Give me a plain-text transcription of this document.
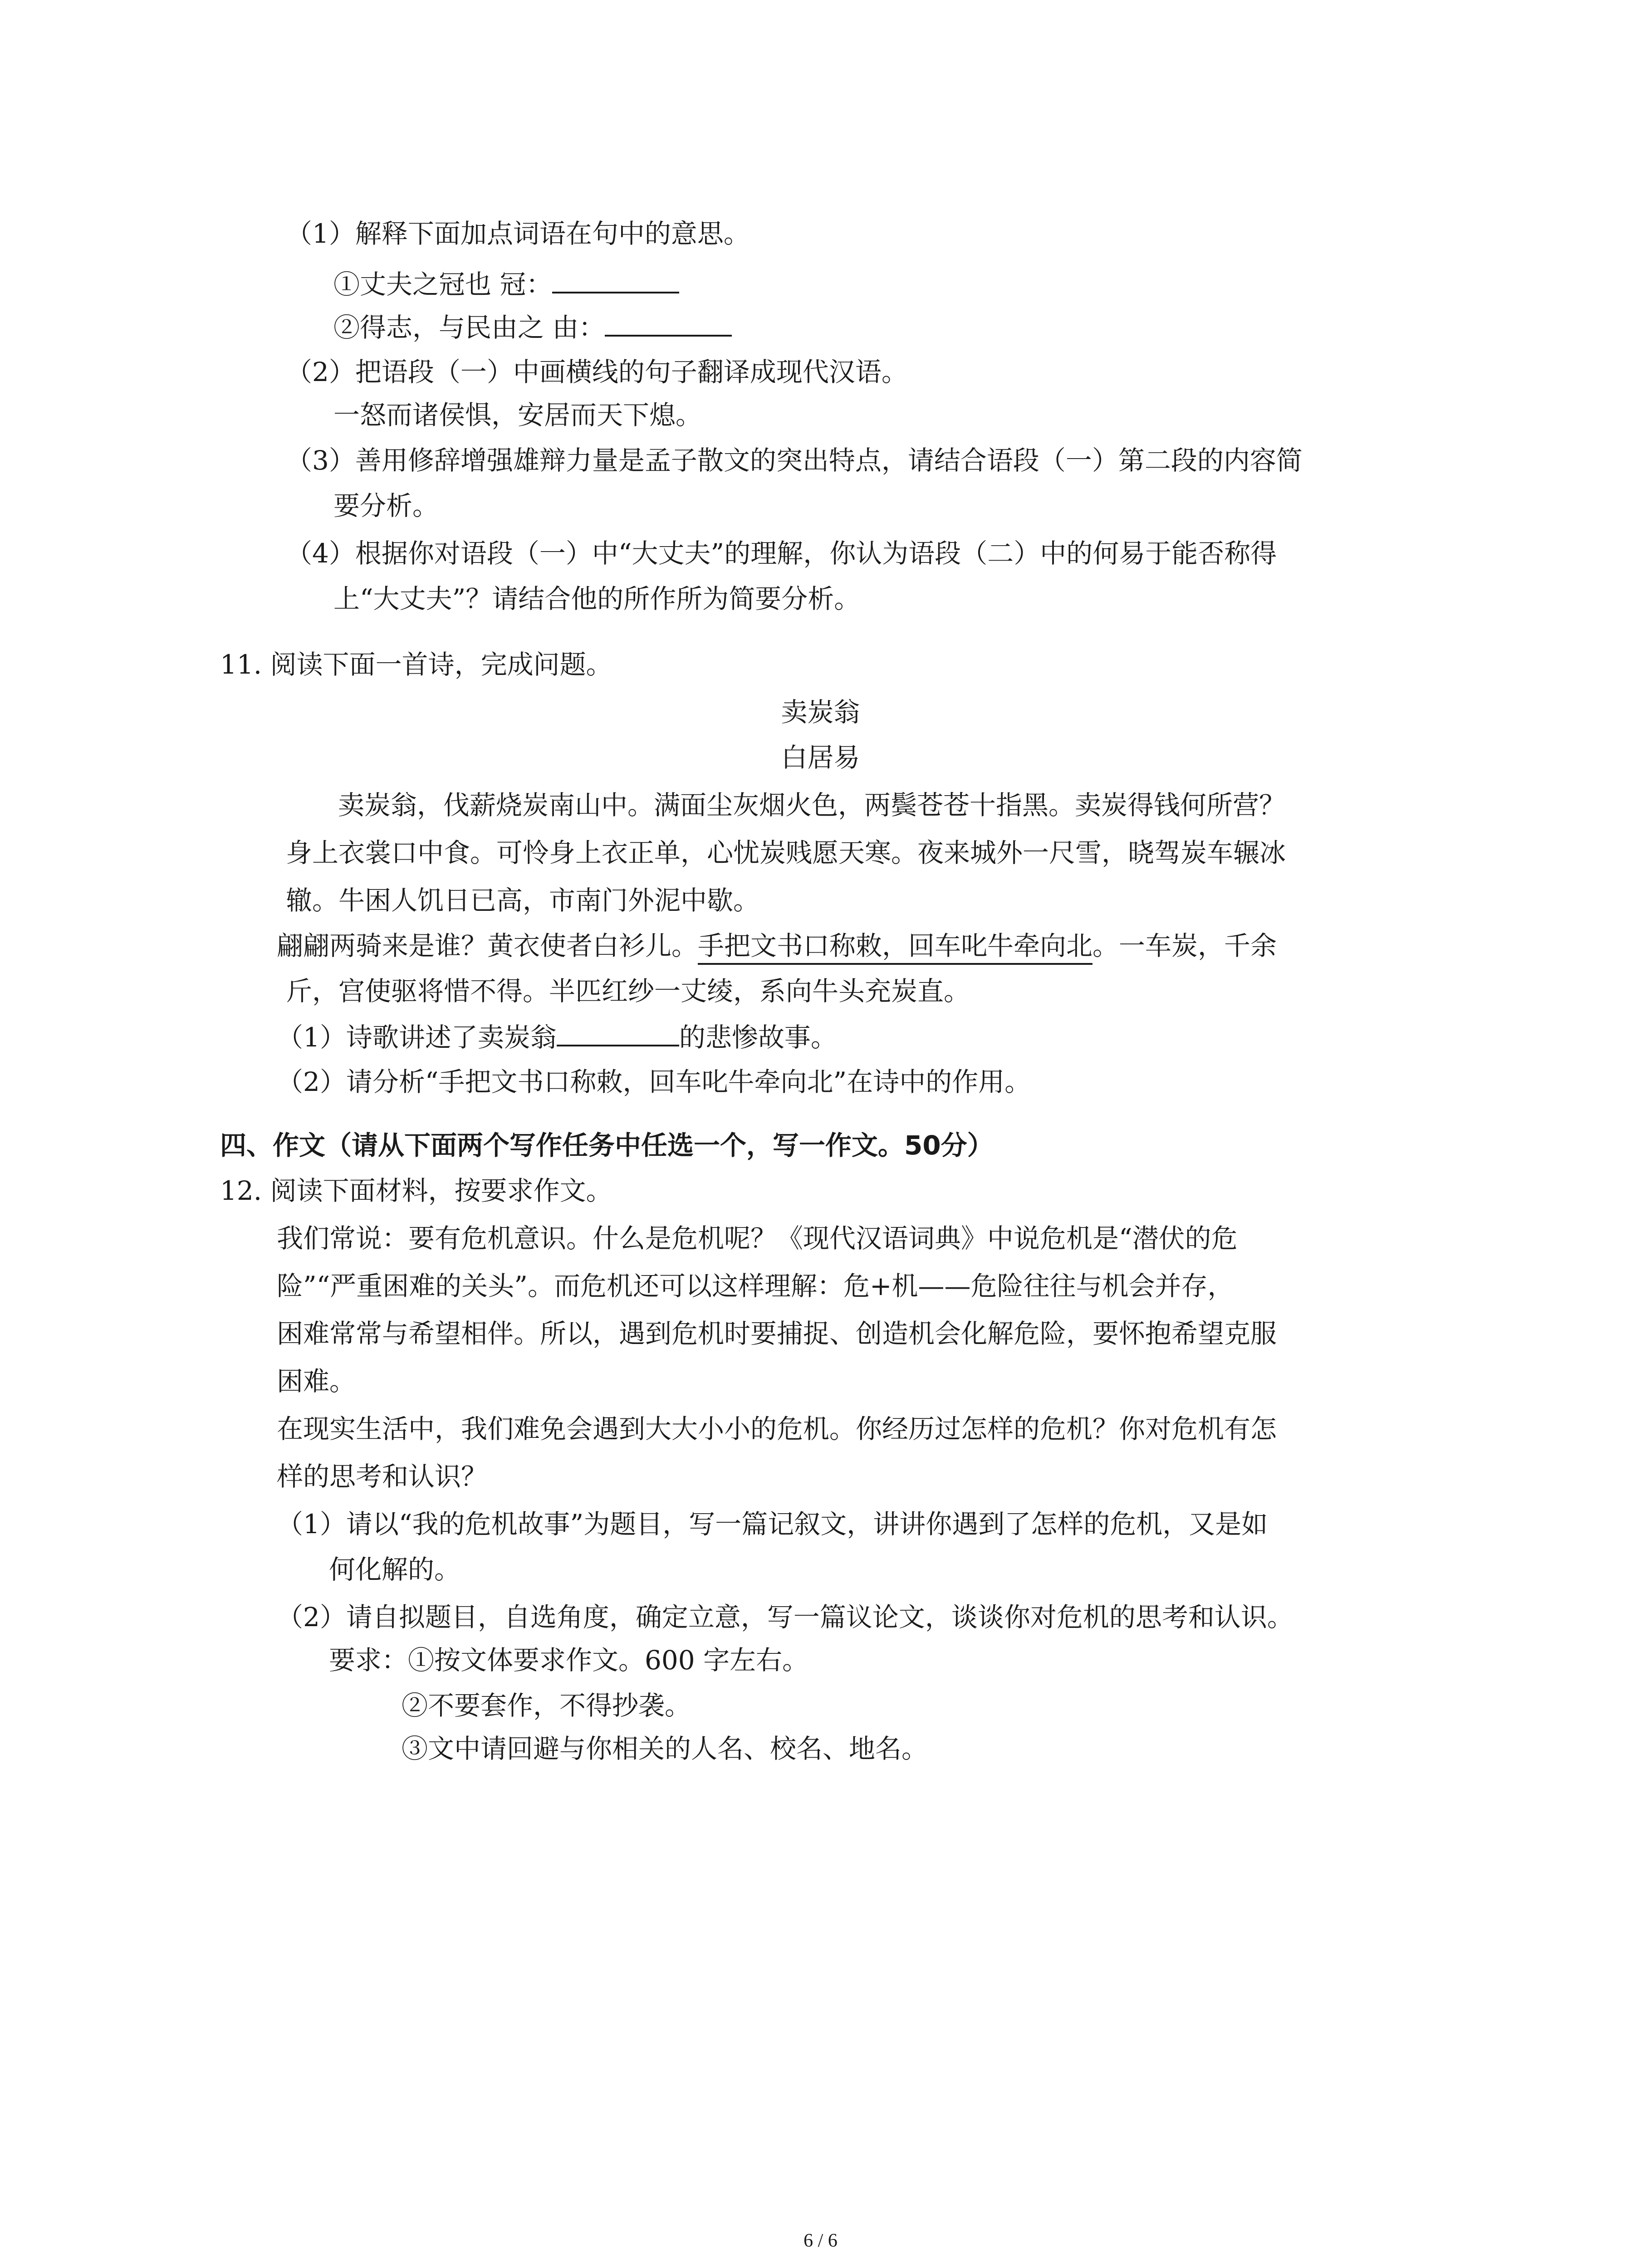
（1）解释下面加点词语在句中的意思。
①丈夫之冠也 冠：
②得志，与民由之 由：
（2）把语段（一）中画横线的句子翻译成现代汉语。
一怒而诸侯惧，安居而天下熄。
（3）善用修辞增强雄辩力量是孟子散文的突出特点，请结合语段（一）第二段的内容简
要分析。
（4）根据你对语段（一）中“大丈夫”的理解，你认为语段（二）中的何易于能否称得
上“大丈夫”？请结合他的所作所为简要分析。
11. 阅读下面一首诗，完成问题。
卖炭翁
白居易
卖炭翁，伐薪烧炭南山中。满面尘灰烟火色，两鬓苍苍十指黑。卖炭得钱何所营？
身上衣裳口中食。可怜身上衣正单，心忧炭贱愿天寒。夜来城外一尺雪，晓驾炭车辗冰
辙。牛困人饥日已高，市南门外泥中歇。
翩翩两骑来是谁？黄衣使者白衫儿。手把文书口称敕，回车叱牛牵向北。一车炭，千余
斤，宫使驱将惜不得。半匹红纱一丈绫，系向牛头充炭直。
（1）诗歌讲述了卖炭翁	的悲惨故事。
（2）请分析“手把文书口称敕，回车叱牛牵向北”在诗中的作用。
四、作文（请从下面两个写作任务中任选一个，写一作文。50分）
12. 阅读下面材料，按要求作文。
我们常说：要有危机意识。什么是危机呢？《现代汉语词典》中说危机是“潜伏的危
险”“严重困难的关头”。而危机还可以这样理解：危+机——危险往往与机会并存，
困难常常与希望相伴。所以，遇到危机时要捕捉、创造机会化解危险，要怀抱希望克服
困难。
在现实生活中，我们难免会遇到大大小小的危机。你经历过怎样的危机？你对危机有怎
样的思考和认识？
（1）请以“我的危机故事”为题目，写一篇记叙文，讲讲你遇到了怎样的危机，又是如
何化解的。
（2）请自拟题目，自选角度，确定立意，写一篇议论文，谈谈你对危机的思考和认识。
要求：①按文体要求作文。600 字左右。
②不要套作，不得抄袭。
③文中请回避与你相关的人名、校名、地名。
6 / 6
